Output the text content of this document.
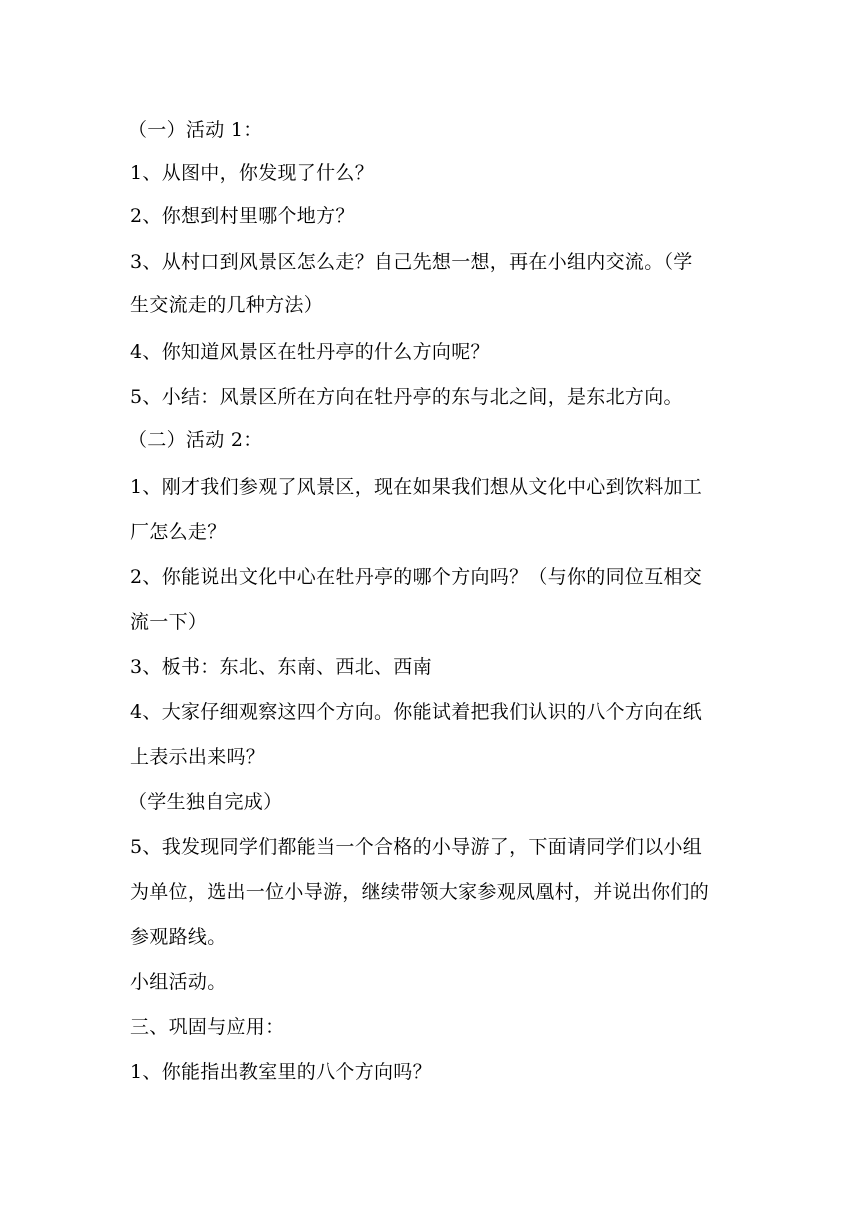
（一）活动 1：
1、从图中，你发现了什么？
2、你想到村里哪个地方？
3、从村口到风景区怎么走？自己先想一想，再在小组内交流。（学
生交流走的几种方法）
4、你知道风景区在牡丹亭的什么方向呢？
5、小结：风景区所在方向在牡丹亭的东与北之间，是东北方向。
（二）活动 2：
1、刚才我们参观了风景区，现在如果我们想从文化中心到饮料加工
厂怎么走？
2、你能说出文化中心在牡丹亭的哪个方向吗？（与你的同位互相交
流一下）
3、板书：东北、东南、西北、西南
4、大家仔细观察这四个方向。你能试着把我们认识的八个方向在纸
上表示出来吗？
（学生独自完成）
5、我发现同学们都能当一个合格的小导游了，下面请同学们以小组
为单位，选出一位小导游，继续带领大家参观凤凰村，并说出你们的
参观路线。
小组活动。
三、巩固与应用：
1、你能指出教室里的八个方向吗？
